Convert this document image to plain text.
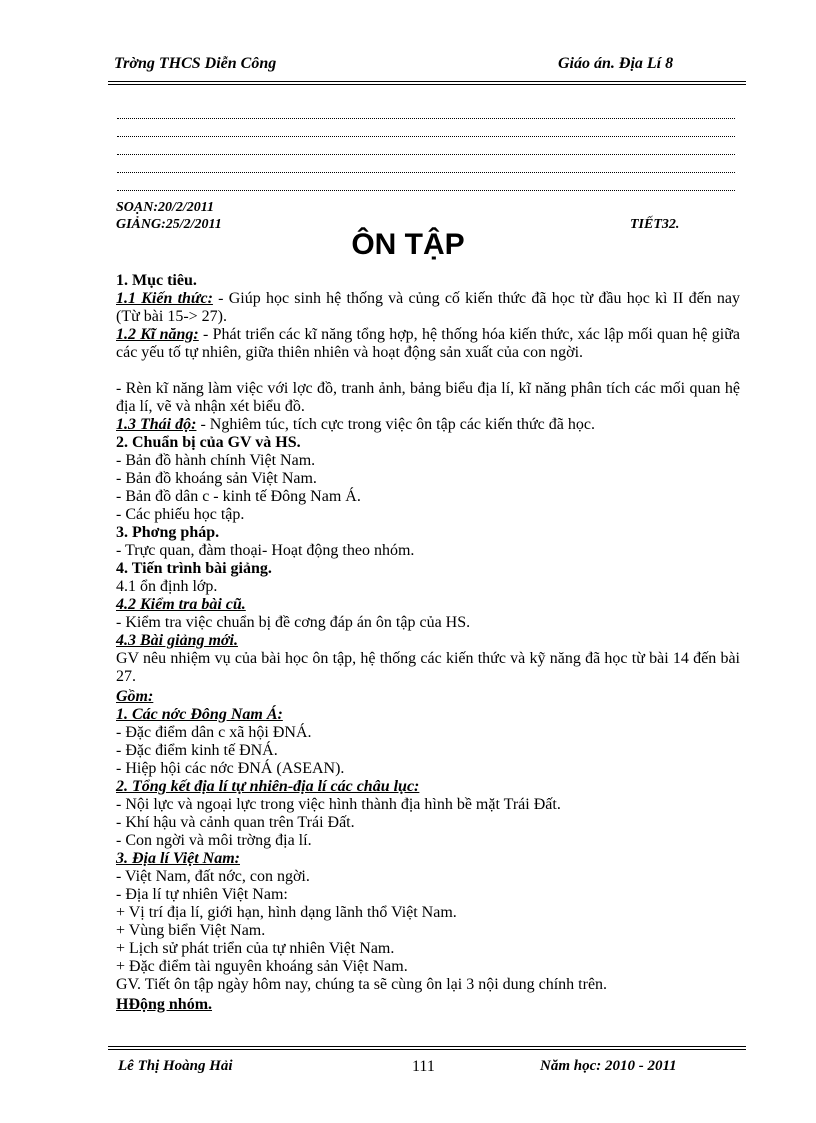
Trờng THCS Diễn Công	Giáo án. Địa Lí 8
SOẠN:20/2/2011
GIẢNG:25/2/2011	TIẾT32.
ÔN TẬP
1. Mục tiêu.
1.1 Kiến thức: - Giúp học sinh hệ thống và củng cố kiến thức đã học từ đầu học kì II đến nay (Từ bài 15-> 27).
1.2 Kĩ năng: - Phát triển các kĩ năng tổng hợp, hệ thống hóa kiến thức, xác lập mối quan hệ giữa các yếu tố tự nhiên, giữa thiên nhiên và hoạt động sản xuất của con ngời.
- Rèn kĩ năng làm việc với lợc đồ, tranh ảnh, bảng biểu địa lí, kĩ năng phân tích các mối quan hệ địa lí, vẽ và nhận xét biểu đồ.
1.3 Thái độ: - Nghiêm túc, tích cực trong việc ôn tập các kiến thức đã học.
2. Chuẩn bị của GV và HS.
- Bản đồ hành chính Việt Nam.
- Bản đồ khoáng sản Việt Nam.
- Bản đồ dân c - kinh tế Đông Nam Á.
- Các phiếu học tập.
3. Phơng pháp.
- Trực quan, đàm thoại- Hoạt động theo nhóm.
4. Tiến trình bài giảng.
4.1 ổn định lớp.
4.2 Kiểm tra bài cũ.
- Kiểm tra việc chuẩn bị đề cơng đáp án ôn tập của HS.
4.3 Bài giảng mới.
GV nêu nhiệm vụ của bài học ôn tập, hệ thống các kiến thức và kỹ năng đã học từ bài 14 đến bài 27.
Gồm:
1. Các nớc Đông Nam Á:
- Đặc điểm dân c xã hội ĐNÁ.
- Đặc điểm kinh tế ĐNÁ.
- Hiệp hội các nớc ĐNÁ (ASEAN).
2. Tổng kết địa lí tự nhiên-địa lí các châu lục:
- Nội lực và ngoại lực trong việc hình thành địa hình bề mặt Trái Đất.
- Khí hậu và cảnh quan trên Trái Đất.
- Con ngời và môi trờng địa lí.
3. Địa lí Việt Nam:
- Việt Nam, đất nớc, con ngời.
- Địa lí tự nhiên Việt Nam:
+ Vị trí địa lí, giới hạn, hình dạng lãnh thổ Việt Nam.
+ Vùng biển Việt Nam.
+ Lịch sử phát triển của tự nhiên Việt Nam.
+ Đặc điểm tài nguyên khoáng sản Việt Nam.
GV. Tiết ôn tập ngày hôm nay, chúng ta sẽ cùng ôn lại 3 nội dung chính trên.
HĐộng nhóm.
Lê Thị Hoàng Hải	111	Năm học: 2010 - 2011
